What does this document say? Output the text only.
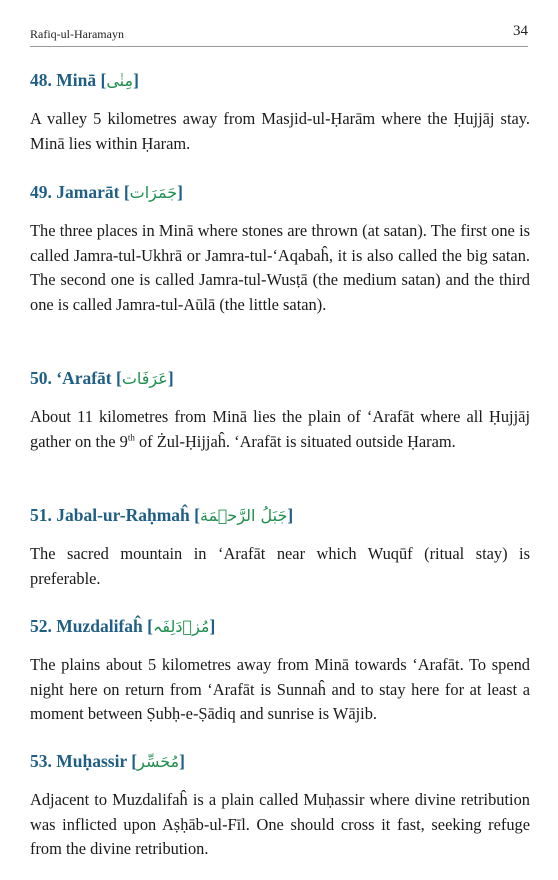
Rafiq-ul-Haramayn	34
48. Minā [مِنٰی]

A valley 5 kilometres away from Masjid-ul-Ḥarām where the Ḥujjāj stay. Minā lies within Ḥaram.

49. Jamarāt [جَمَرَات]

The three places in Minā where stones are thrown (at satan). The first one is called Jamra-tul-Ukhrā or Jamra-tul-‘Aqabaĥ, it is also called the big satan. The second one is called Jamra-tul-Wusṭā (the medium satan) and the third one is called Jamra-tul-Aūlā (the little satan).

50. ‘Arafāt [عَرَفَات]

About 11 kilometres from Minā lies the plain of ‘Arafāt where all Ḥujjāj gather on the 9th of Żul-Ḥijjaĥ. ‘Arafāt is situated outside Ḥaram.

51. Jabal-ur-Raḥmaĥ [جَبَلُ الرَّحۡمَة]

The sacred mountain in ‘Arafāt near which Wuqūf (ritual stay) is preferable.

52. Muzdalifaĥ [مُزۡدَلِفَہ]

The plains about 5 kilometres away from Minā towards ‘Arafāt. To spend night here on return from ‘Arafāt is Sunnaĥ and to stay here for at least a moment between Ṣubḥ-e-Ṣādiq and sunrise is Wājib.

53. Muḥassir [مُحَسِّر]

Adjacent to Muzdalifaĥ is a plain called Muḥassir where divine retribution was inflicted upon Aṣḥāb-ul-Fīl. One should cross it fast, seeking refuge from the divine retribution.
